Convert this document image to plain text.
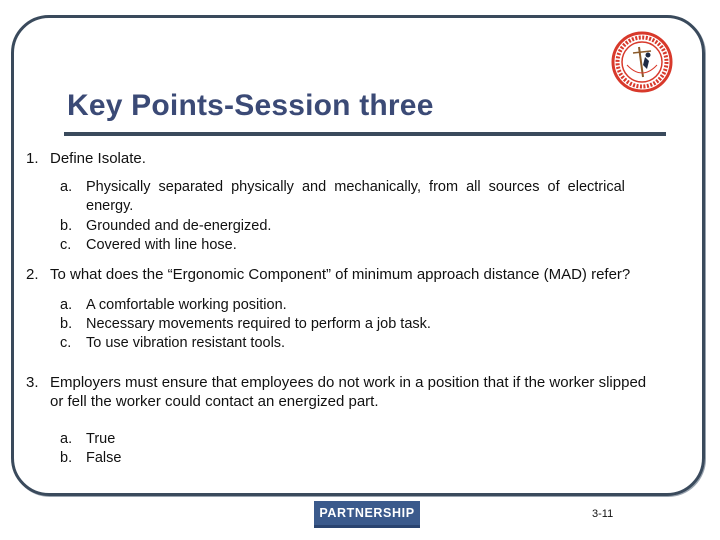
Key Points-Session three
1. Define Isolate.
a. Physically  separated  physically  and  mechanically,  from  all  sources  of  electrical
energy.
b. Grounded and de-energized.
c. Covered with line hose.
2. To what does the “Ergonomic Component” of minimum approach distance (MAD) refer?
a. A comfortable working position.
b. Necessary movements required to perform a job task.
c. To use vibration resistant tools.
3. Employers must ensure that employees do not work in a position that if the worker slipped
or fell the worker could contact an energized part.
a. True
b. False
PARTNERSHIP	3-11
